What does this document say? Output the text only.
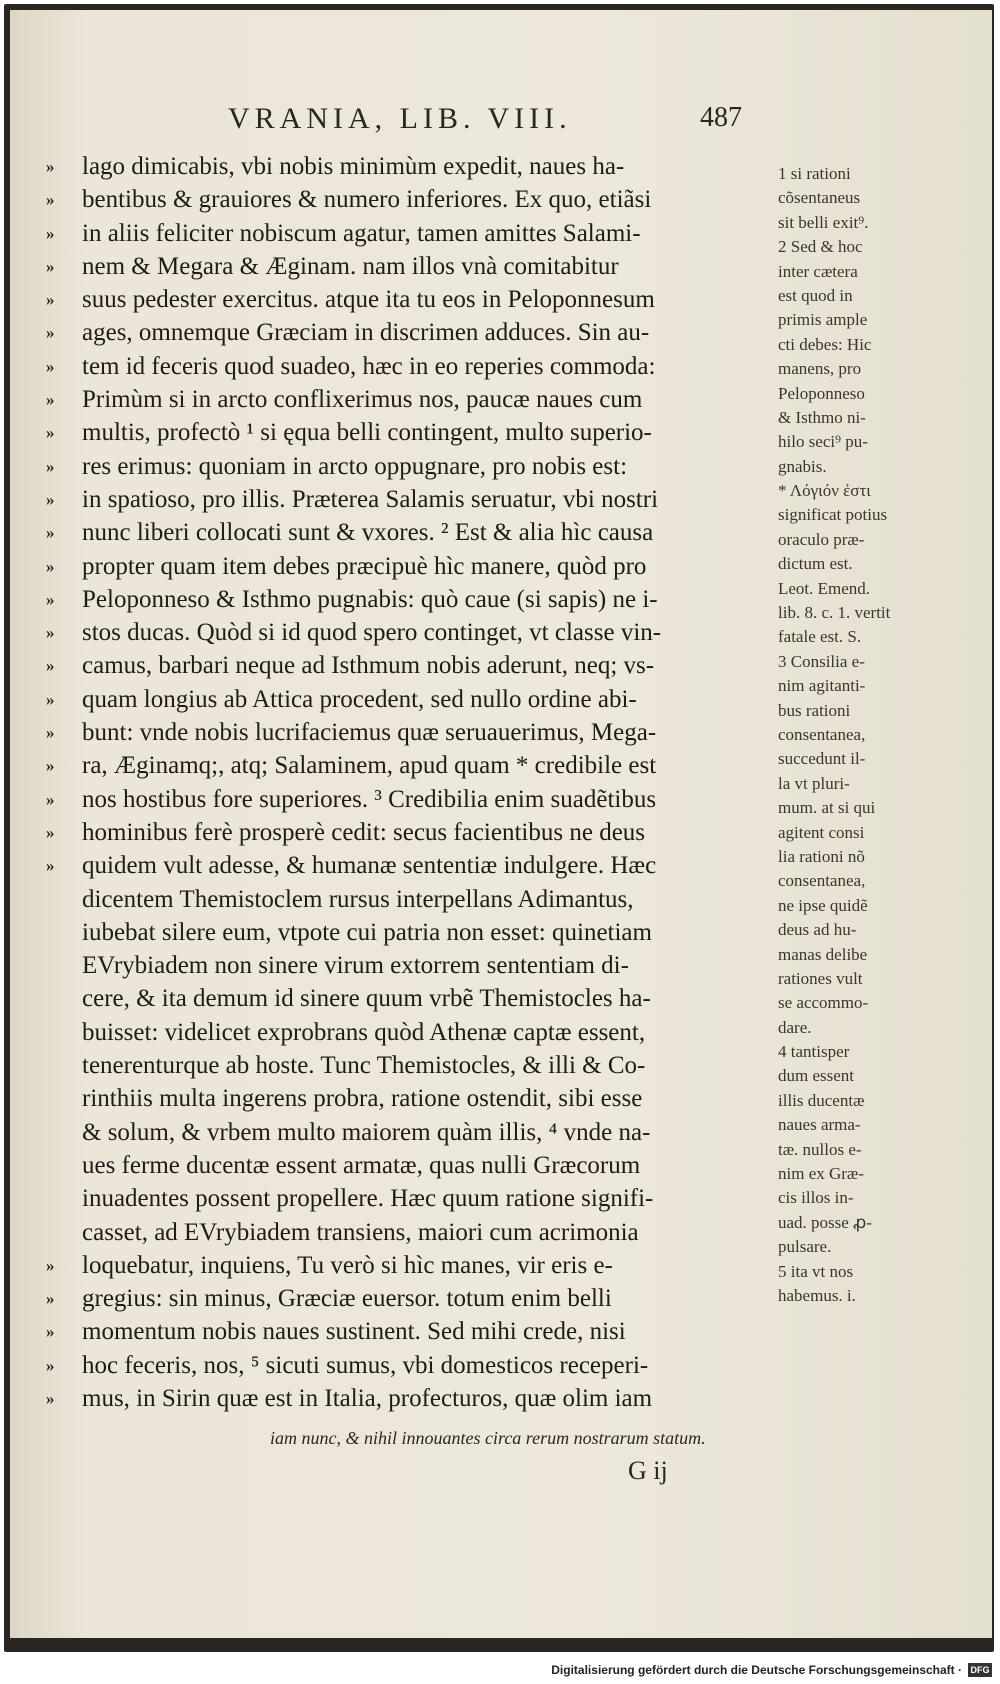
VRANIA, LIB. VIII.	487
»
»
»
»
»
»
»
»
»
»
»
»
»
»
»
»
»
»
»
»
»
»
»
»
»
»
»
lago dimicabis, vbi nobis minimùm expedit, naues ha-
bentibus & grauiores & numero inferiores. Ex quo, etiãsi
in aliis feliciter nobiscum agatur, tamen amittes Salami-
nem & Megara & Æginam. nam illos vnà comitabitur
suus pedester exercitus. atque ita tu eos in Peloponnesum
ages, omnemque Græciam in discrimen adduces. Sin au-
tem id feceris quod suadeo, hæc in eo reperies commoda:
Primùm si in arcto conflixerimus nos, paucæ naues cum
multis, profectò ¹ si ęqua belli contingent, multo superio-
res erimus: quoniam in arcto oppugnare, pro nobis est:
in spatioso, pro illis. Præterea Salamis seruatur, vbi nostri
nunc liberi collocati sunt & vxores. ² Est & alia hìc causa
propter quam item debes præcipuè hìc manere, quòd pro
Peloponneso & Isthmo pugnabis: quò caue (si sapis) ne i-
stos ducas. Quòd si id quod spero continget, vt classe vin-
camus, barbari neque ad Isthmum nobis aderunt, neq; vs-
quam longius ab Attica procedent, sed nullo ordine abi-
bunt: vnde nobis lucrifaciemus quæ seruauerimus, Mega-
ra, Æginamq;, atq; Salaminem, apud quam * credibile est
nos hostibus fore superiores. ³ Credibilia enim suadẽtibus
hominibus ferè prosperè cedit: secus facientibus ne deus
quidem vult adesse, & humanæ sententiæ indulgere. Hæc
dicentem Themistoclem rursus interpellans Adimantus,
iubebat silere eum, vtpote cui patria non esset: quinetiam
EVrybiadem non sinere virum extorrem sententiam di-
cere, & ita demum id sinere quum vrbẽ Themistocles ha-
buisset: videlicet exprobrans quòd Athenæ captæ essent,
tenerenturque ab hoste. Tunc Themistocles, & illi & Co-
rinthiis multa ingerens probra, ratione ostendit, sibi esse
& solum, & vrbem multo maiorem quàm illis, ⁴ vnde na-
ues ferme ducentæ essent armatæ, quas nulli Græcorum
inuadentes possent propellere. Hæc quum ratione signifi-
casset, ad EVrybiadem transiens, maiori cum acrimonia
loquebatur, inquiens, Tu verò si hìc manes, vir eris e-
gregius: sin minus, Græciæ euersor. totum enim belli
momentum nobis naues sustinent. Sed mihi crede, nisi
hoc feceris, nos, ⁵ sicuti sumus, vbi domesticos receperi-
mus, in Sirin quæ est in Italia, profecturos, quæ olim iam
1 si rationi
cõsentaneus
sit belli exit⁹.
2 Sed & hoc
inter cætera
est quod in
primis ample
cti debes: Hic
manens, pro
Peloponneso
& Isthmo ni-
hilo seci⁹ pu-
gnabis.
* Λόγιόν ἐστι
significat potius
oraculo præ-
dictum est.
Leot. Emend.
lib. 8. c. 1. vertit
fatale est. S.
3 Consilia e-
nim agitanti-
bus rationi
consentanea,
succedunt il-
la vt pluri-
mum. at si qui
agitent consi
lia rationi nõ
consentanea,
ne ipse quidẽ
deus ad hu-
manas delibe
rationes vult
se accommo-
dare.
4 tantisper
dum essent
illis ducentæ
naues arma-
tæ. nullos e-
nim ex Græ-
cis illos in-
uad. posse ꝓ-
pulsare.
5 ita vt nos
habemus. i.
iam nunc, & nihil innouantes circa rerum nostrarum statum.
G ij
Digitalisierung gefördert durch die Deutsche Forschungsgemeinschaft · DFG
